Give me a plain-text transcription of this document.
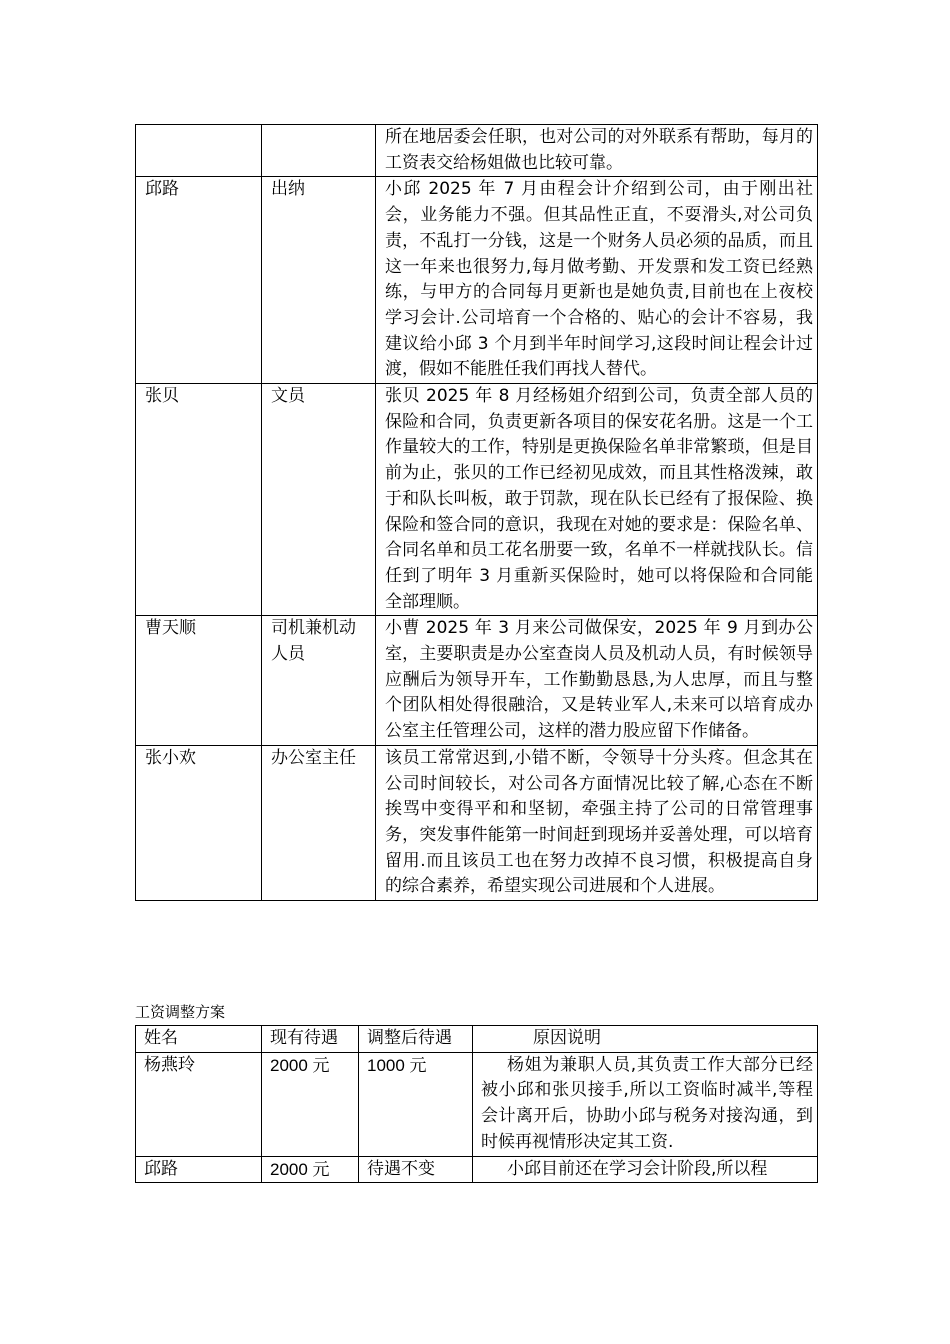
		所在地居委会任职，也对公司的对外联系有帮助，每月的工资表交给杨姐做也比较可靠。
邱路	出纳	小邱 2025 年 7 月由程会计介绍到公司，由于刚出社会，业务能力不强。但其品性正直，不耍滑头,对公司负责，不乱打一分钱，这是一个财务人员必须的品质，而且这一年来也很努力,每月做考勤、开发票和发工资已经熟练，与甲方的合同每月更新也是她负责,目前也在上夜校学习会计.公司培育一个合格的、贴心的会计不容易，我建议给小邱 3 个月到半年时间学习,这段时间让程会计过渡，假如不能胜任我们再找人替代。
张贝	文员	张贝 2025 年 8 月经杨姐介绍到公司，负责全部人员的保险和合同，负责更新各项目的保安花名册。这是一个工作量较大的工作，特别是更换保险名单非常繁琐，但是目前为止，张贝的工作已经初见成效，而且其性格泼辣，敢于和队长叫板，敢于罚款，现在队长已经有了报保险、换保险和签合同的意识，我现在对她的要求是：保险名单、合同名单和员工花名册要一致，名单不一样就找队长。信任到了明年 3 月重新买保险时，她可以将保险和合同能全部理顺。
曹天顺	司机兼机动人员	小曹 2025 年 3 月来公司做保安，2025 年 9 月到办公室，主要职责是办公室查岗人员及机动人员，有时候领导应酬后为领导开车，工作勤勤恳恳,为人忠厚，而且与整个团队相处得很融洽，又是转业军人,未来可以培育成办公室主任管理公司，这样的潜力股应留下作储备。
张小欢	办公室主任	该员工常常迟到,小错不断，令领导十分头疼。但念其在公司时间较长，对公司各方面情况比较了解,心态在不断挨骂中变得平和和坚韧，牵强主持了公司的日常管理事务，突发事件能第一时间赶到现场并妥善处理，可以培育留用.而且该员工也在努力改掉不良习惯，积极提高自身的综合素养，希望实现公司进展和个人进展。
工资调整方案
姓名	现有待遇	调整后待遇	原因说明
杨燕玲	2000 元	1000 元	杨姐为兼职人员,其负责工作大部分已经被小邱和张贝接手,所以工资临时减半,等程会计离开后，协助小邱与税务对接沟通，到时候再视情形决定其工资.
邱路	2000 元	待遇不变	小邱目前还在学习会计阶段,所以程
